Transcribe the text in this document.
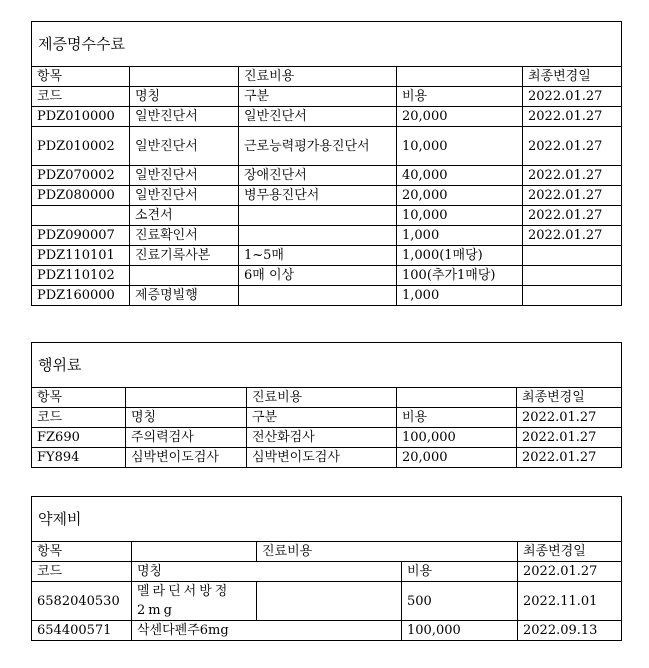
제증명수수료				
항목		진료비용		최종변경일
코드	명칭	구분	비용	2022.01.27
PDZ010000	일반진단서	일반진단서	20,000	2022.01.27
PDZ010002	일반진단서	근로능력평가용진단서	10,000	2022.01.27
PDZ070002	일반진단서	장애진단서	40,000	2022.01.27
PDZ080000	일반진단서	병무용진단서	20,000	2022.01.27
	소견서		10,000	2022.01.27
PDZ090007	진료확인서		1,000	2022.01.27
PDZ110101	진료기록사본	1~5매	1,000(1매당)	
PDZ110102		6매 이상	100(추가1매당)	
PDZ160000	제증명빌행		1,000	
행위료				
항목		진료비용		최종변경일
코드	명칭	구분	비용	2022.01.27
FZ690	주의력검사	전산화검사	100,000	2022.01.27
FY894	심박변이도검사	심박변이도검사	20,000	2022.01.27
약제비				
항목		진료비용		최종변경일
코드	명칭		비용	2022.01.27
6582040530	멜라딘서방정 2mg		500	2022.11.01
654400571	삭센다펜주6mg		100,000	2022.09.13
